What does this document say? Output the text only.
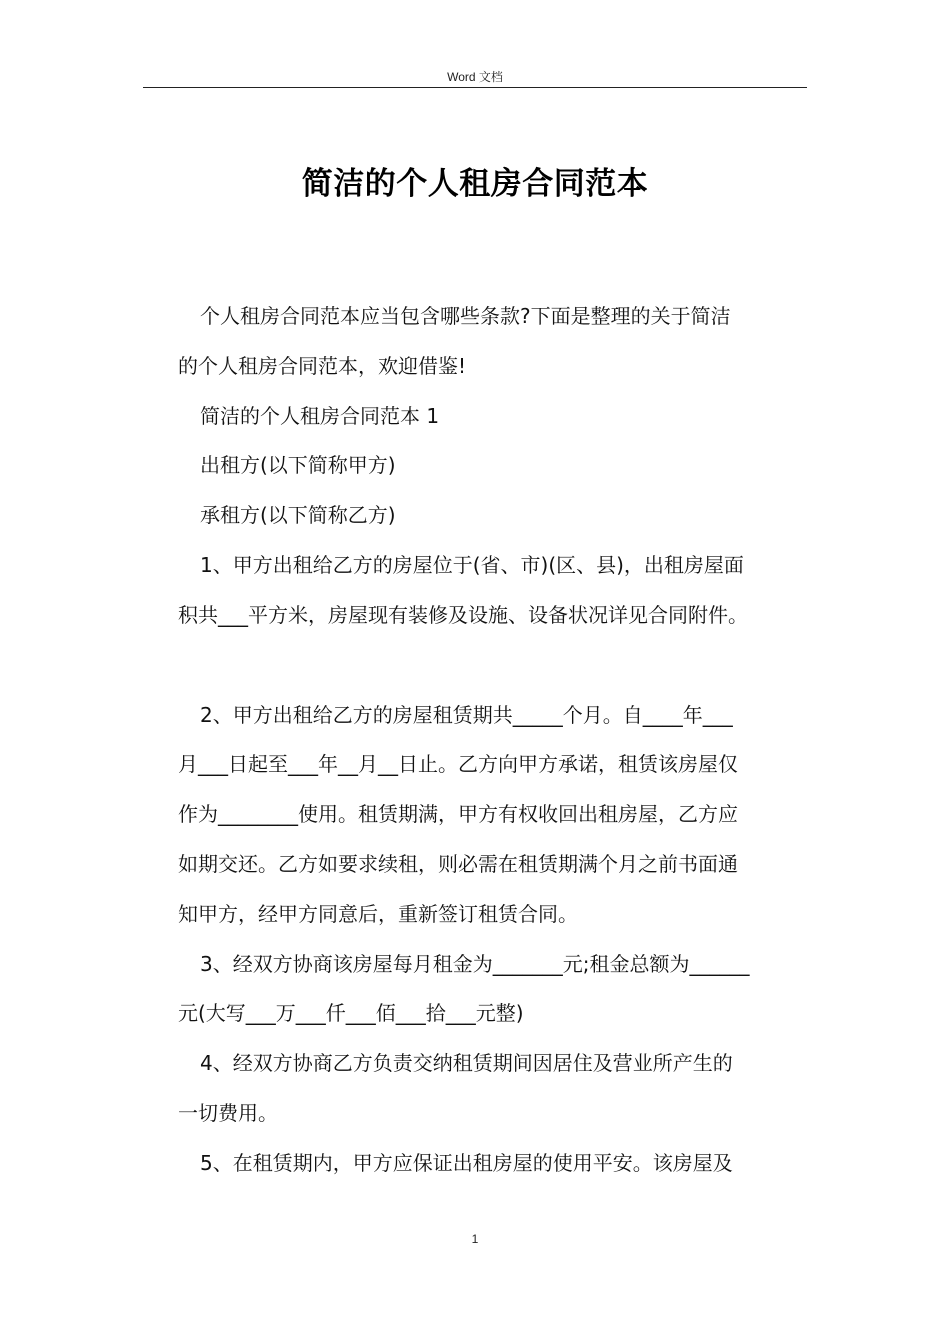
Word 文档
简洁的个人租房合同范本
个人租房合同范本应当包含哪些条款?下面是整理的关于简洁
的个人租房合同范本，欢迎借鉴!
简洁的个人租房合同范本 1
出租方(以下简称甲方)
承租方(以下简称乙方)
1、甲方出租给乙方的房屋位于(省、市)(区、县)，出租房屋面
积共___平方米，房屋现有装修及设施、设备状况详见合同附件。
2、甲方出租给乙方的房屋租赁期共_____个月。自____年___
月___日起至___年__月__日止。乙方向甲方承诺，租赁该房屋仅
作为________使用。租赁期满，甲方有权收回出租房屋，乙方应
如期交还。乙方如要求续租，则必需在租赁期满个月之前书面通
知甲方，经甲方同意后，重新签订租赁合同。
3、经双方协商该房屋每月租金为_______元;租金总额为______
元(大写___万___仟___佰___拾___元整)
4、经双方协商乙方负责交纳租赁期间因居住及营业所产生的
一切费用。
5、在租赁期内，甲方应保证出租房屋的使用平安。该房屋及
1
